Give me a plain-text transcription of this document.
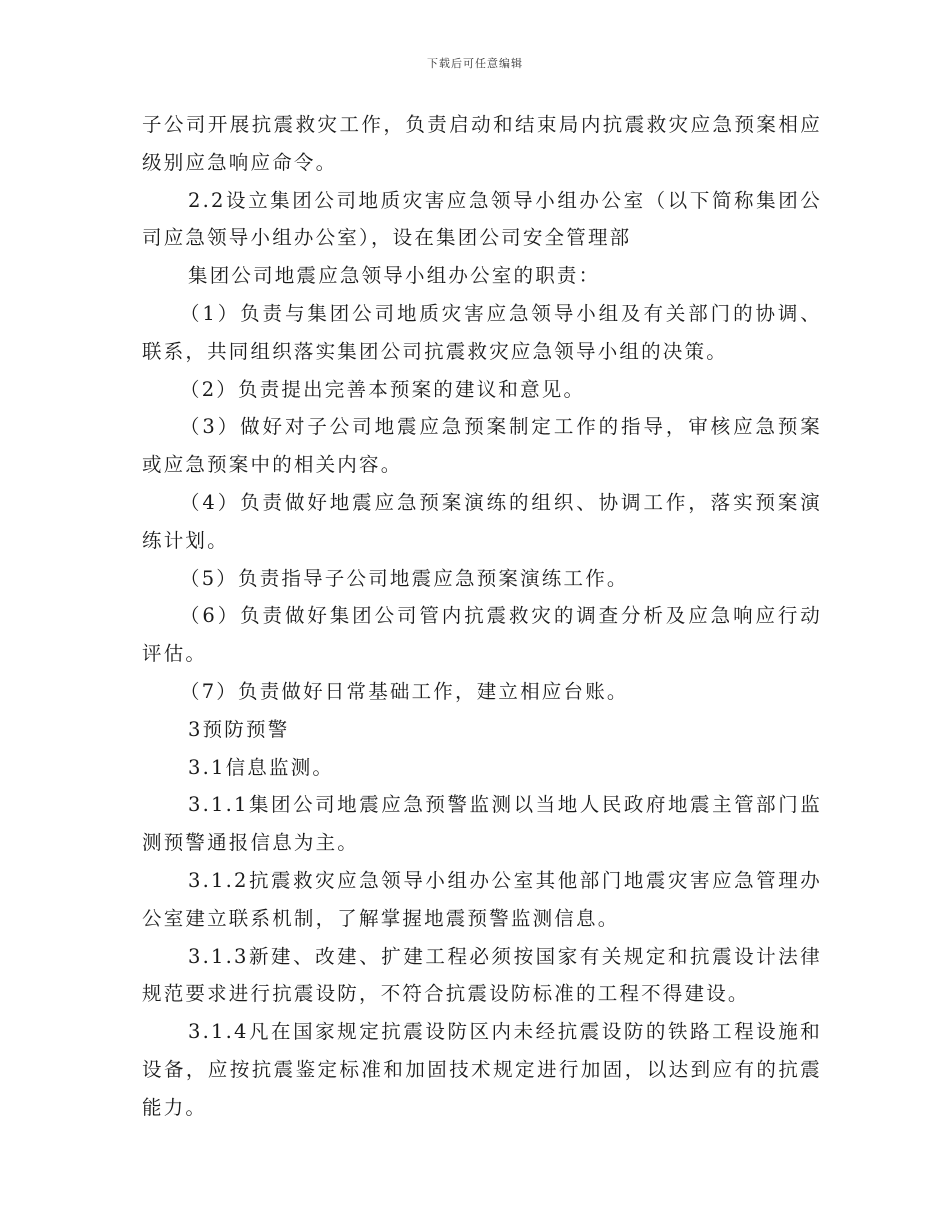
下载后可任意编辑

子公司开展抗震救灾工作，负责启动和结束局内抗震救灾应急预案相应级别应急响应命令。

2.2设立集团公司地质灾害应急领导小组办公室（以下简称集团公司应急领导小组办公室），设在集团公司安全管理部

集团公司地震应急领导小组办公室的职责：

（1）负责与集团公司地质灾害应急领导小组及有关部门的协调、联系，共同组织落实集团公司抗震救灾应急领导小组的决策。

（2）负责提出完善本预案的建议和意见。

（3）做好对子公司地震应急预案制定工作的指导，审核应急预案或应急预案中的相关内容。

（4）负责做好地震应急预案演练的组织、协调工作，落实预案演练计划。

（5）负责指导子公司地震应急预案演练工作。

（6）负责做好集团公司管内抗震救灾的调查分析及应急响应行动评估。

（7）负责做好日常基础工作，建立相应台账。

3预防预警

3.1信息监测。

3.1.1集团公司地震应急预警监测以当地人民政府地震主管部门监测预警通报信息为主。

3.1.2抗震救灾应急领导小组办公室其他部门地震灾害应急管理办公室建立联系机制，了解掌握地震预警监测信息。

3.1.3新建、改建、扩建工程必须按国家有关规定和抗震设计法律规范要求进行抗震设防，不符合抗震设防标准的工程不得建设。

3.1.4凡在国家规定抗震设防区内未经抗震设防的铁路工程设施和设备，应按抗震鉴定标准和加固技术规定进行加固，以达到应有的抗震能力。
